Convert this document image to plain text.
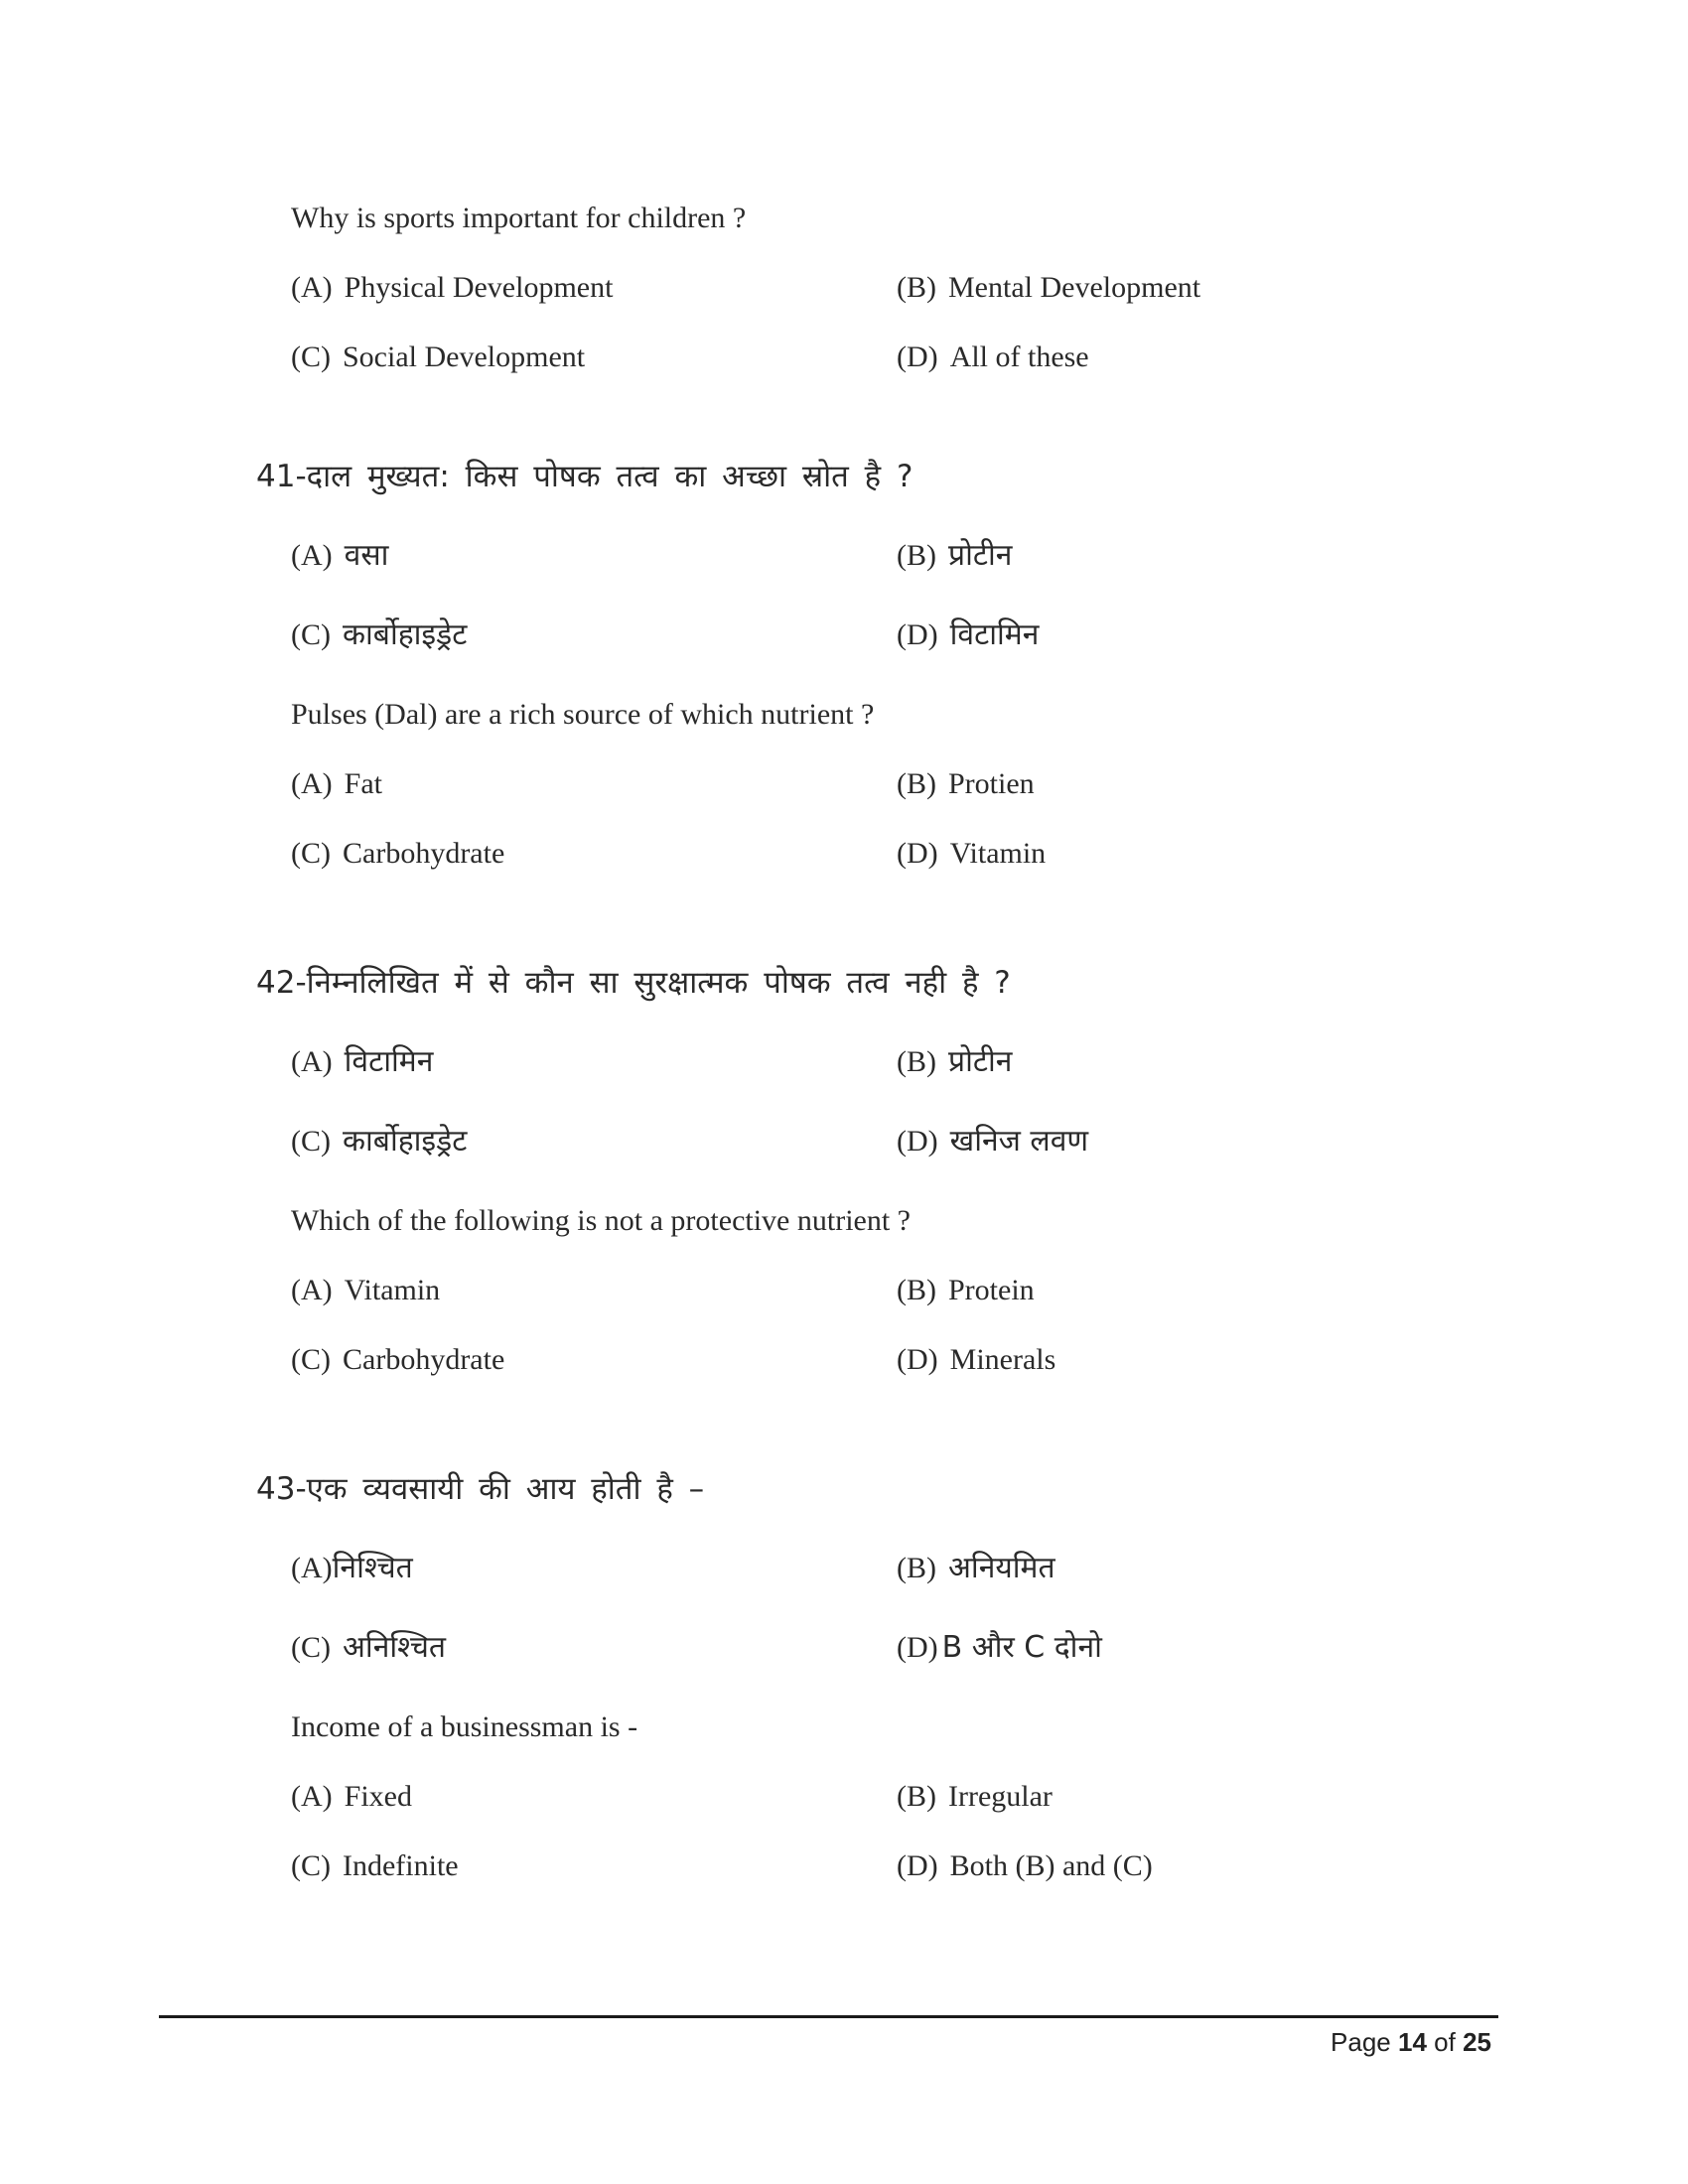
Why is sports important for children ?
(A) Physical Development	(B) Mental Development
(C) Social Development	(D) All of these
41-दाल मुख्यत: किस पोषक तत्व का अच्छा स्रोत है ?
(A) वसा	(B) प्रोटीन
(C) कार्बोहाइड्रेट	(D) विटामिन
Pulses (Dal) are a rich source of which nutrient ?
(A) Fat	(B) Protien
(C) Carbohydrate	(D) Vitamin
42-निम्नलिखित में से कौन सा सुरक्षात्मक पोषक तत्व नही है ?
(A) विटामिन	(B) प्रोटीन
(C) कार्बोहाइड्रेट	(D) खनिज लवण
Which of the following is not a protective nutrient ?
(A) Vitamin	(B) Protein
(C) Carbohydrate	(D) Minerals
43-एक व्यवसायी की आय होती है –
(A)निश्चित	(B) अनियमित
(C) अनिश्चित	(D) B और C दोनो
Income of a businessman is -
(A) Fixed	(B) Irregular
(C) Indefinite	(D) Both (B) and (C)
Page 14 of 25
